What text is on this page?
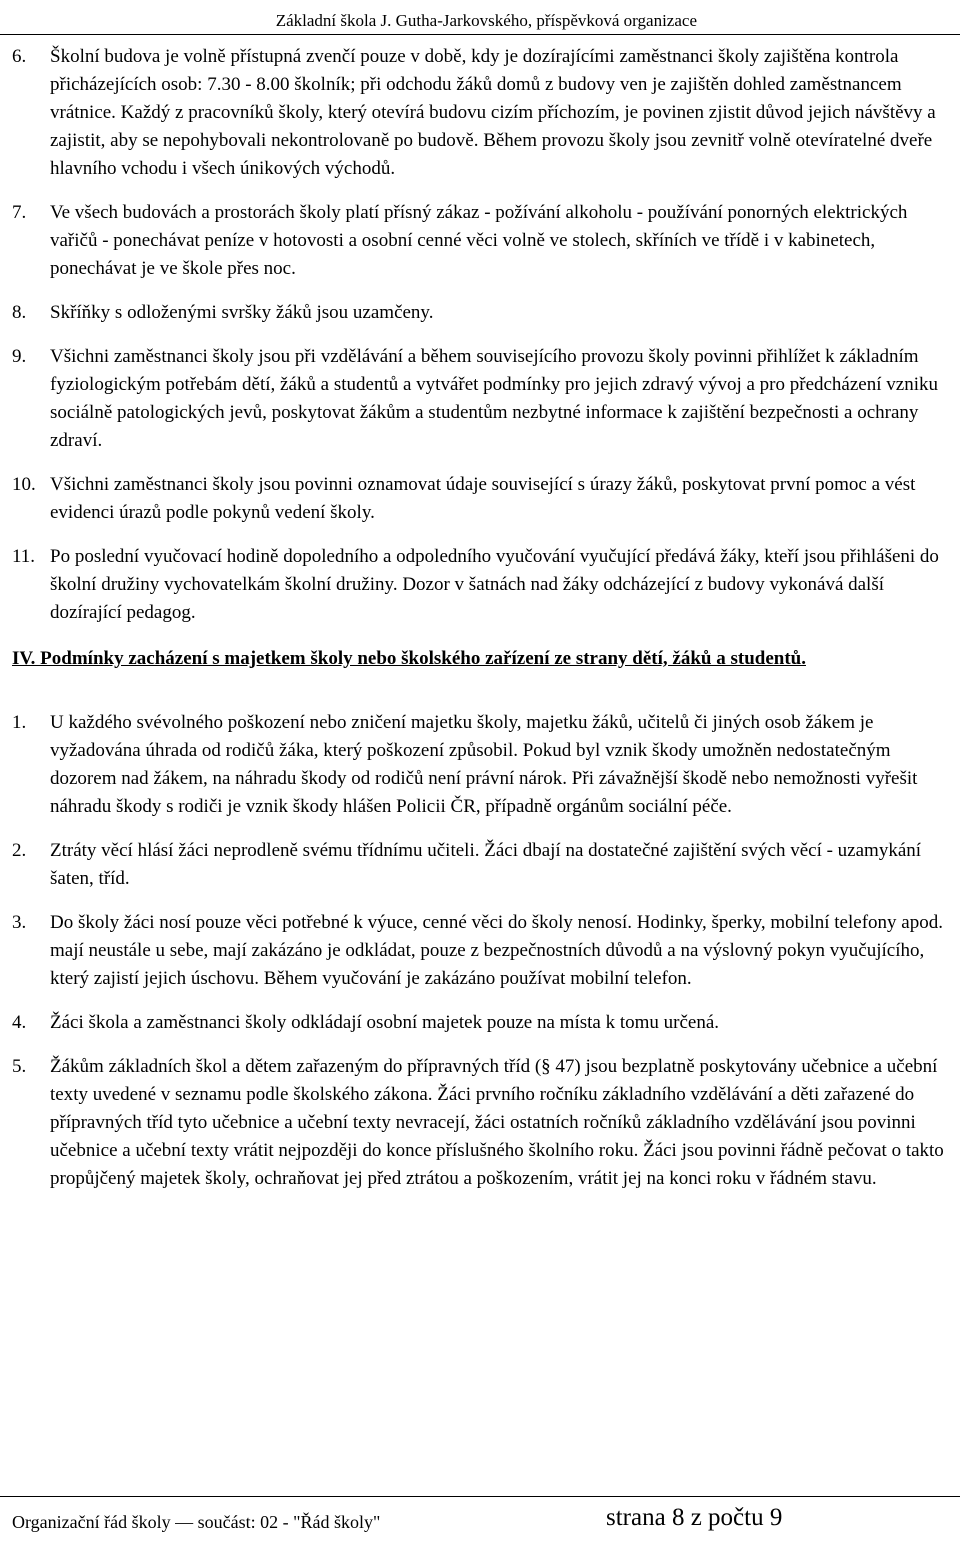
Základní škola J. Gutha-Jarkovského, příspěvková organizace
6. Školní budova je volně přístupná zvenčí pouze v době, kdy je dozírajícími zaměstnanci školy zajištěna kontrola přicházejících osob: 7.30 - 8.00 školník; při odchodu žáků domů z budovy ven je zajištěn dohled zaměstnancem vrátnice. Každý z pracovníků školy, který otevírá budovu cizím příchozím, je povinen zjistit důvod jejich návštěvy a zajistit, aby se nepohybovali nekontrolovaně po budově. Během provozu školy jsou zevnitř volně otevíratelné dveře hlavního vchodu i všech únikových východů.
7. Ve všech budovách a prostorách školy platí přísný zákaz - požívání alkoholu - používání ponorných elektrických vařičů - ponechávat peníze v hotovosti a osobní cenné věci volně ve stolech, skříních ve třídě i v kabinetech, ponechávat je ve škole přes noc.
8. Skříňky s odloženými svršky žáků jsou uzamčeny.
9. Všichni zaměstnanci školy jsou při vzdělávání a během souvisejícího provozu školy povinni přihlížet k základním fyziologickým potřebám dětí, žáků a studentů a vytvářet podmínky pro jejich zdravý vývoj a pro předcházení vzniku sociálně patologických jevů, poskytovat žákům a studentům nezbytné informace k zajištění bezpečnosti a ochrany zdraví.
10. Všichni zaměstnanci školy jsou povinni oznamovat údaje související s úrazy žáků, poskytovat první pomoc a vést evidenci úrazů podle pokynů vedení školy.
11. Po poslední vyučovací hodině dopoledního a odpoledního vyučování vyučující předává žáky, kteří jsou přihlášeni do školní družiny vychovatelkám školní družiny. Dozor v šatnách nad žáky odcházející z budovy vykonává další dozírající pedagog.
IV. Podmínky zacházení s majetkem školy nebo školského zařízení ze strany dětí, žáků a studentů.
1. U každého svévolného poškození nebo zničení majetku školy, majetku žáků, učitelů či jiných osob žákem je vyžadována úhrada od rodičů žáka, který poškození způsobil. Pokud byl vznik škody umožněn nedostatečným dozorem nad žákem, na náhradu škody od rodičů není právní nárok. Při závažnější škodě nebo nemožnosti vyřešit náhradu škody s rodiči je vznik škody hlášen Policii ČR, případně orgánům sociální péče.
2. Ztráty věcí hlásí žáci neprodleně svému třídnímu učiteli. Žáci dbají na dostatečné zajištění svých věcí - uzamykání šaten, tříd.
3. Do školy žáci nosí pouze věci potřebné k výuce, cenné věci do školy nenosí. Hodinky, šperky, mobilní telefony apod. mají neustále u sebe, mají zakázáno je odkládat, pouze z bezpečnostních důvodů a na výslovný pokyn vyučujícího, který zajistí jejich úschovu. Během vyučování je zakázáno používat mobilní telefon.
4. Žáci škola a zaměstnanci školy odkládají osobní majetek pouze na místa k tomu určená.
5. Žákům základních škol a dětem zařazeným do přípravných tříd (§ 47) jsou bezplatně poskytovány učebnice a učební texty uvedené v seznamu podle školského zákona. Žáci prvního ročníku základního vzdělávání a děti zařazené do přípravných tříd tyto učebnice a učební texty nevracejí, žáci ostatních ročníků základního vzdělávání jsou povinni učebnice a učební texty vrátit nejpozději do konce příslušného školního roku. Žáci jsou povinni řádně pečovat o takto propůjčený majetek školy, ochraňovat jej před ztrátou a poškozením, vrátit jej na konci roku v řádném stavu.
Organizační řád školy — součást: 02 - "Řád školy"	strana 8 z počtu 9
